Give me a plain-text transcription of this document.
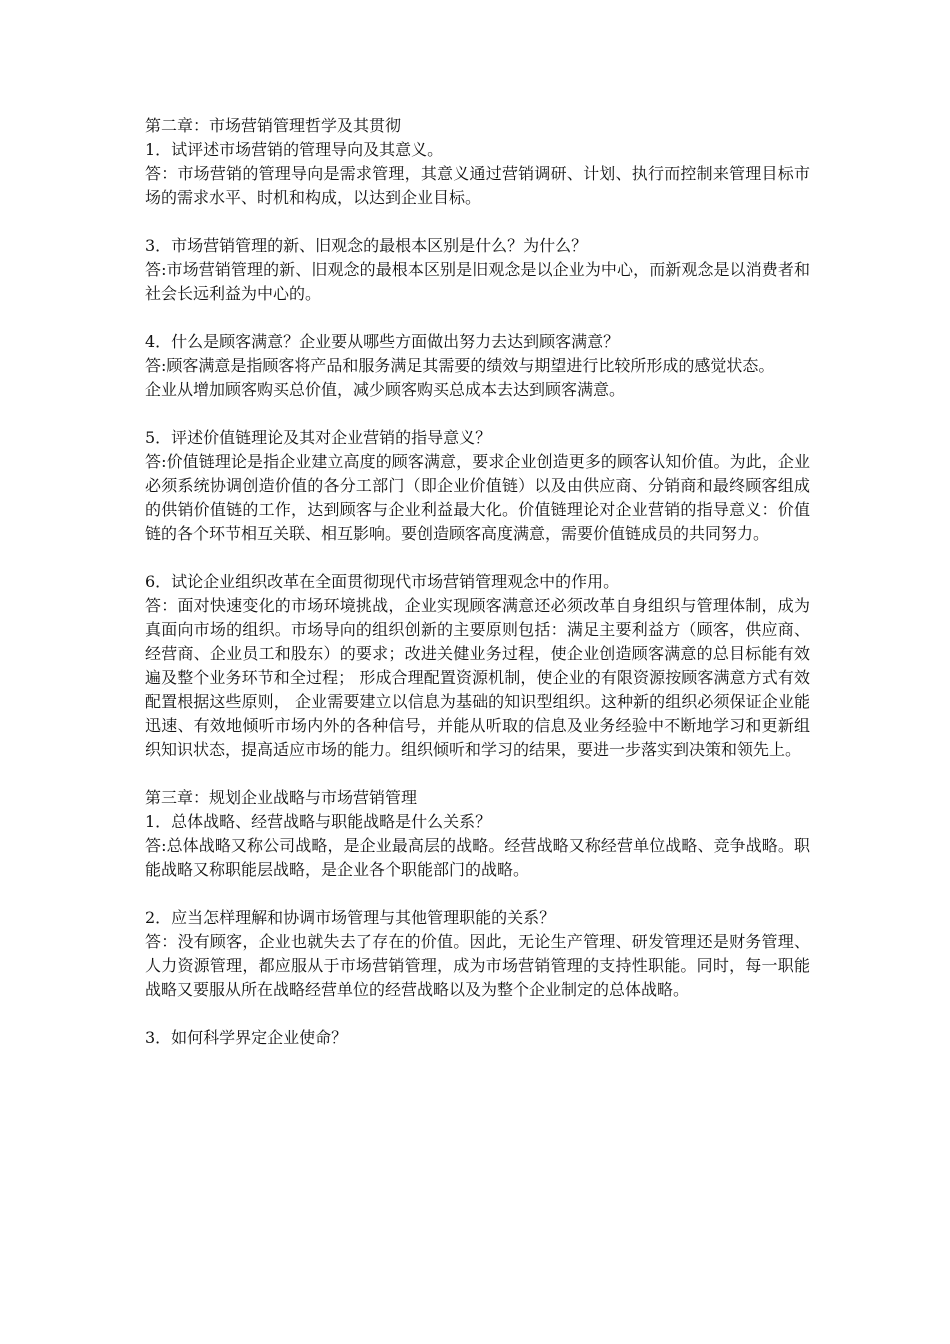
第二章：市场营销管理哲学及其贯彻
1．试评述市场营销的管理导向及其意义。
答：市场营销的管理导向是需求管理，其意义通过营销调研、计划、执行而控制来管理目标市场的需求水平、时机和构成，以达到企业目标。
3．市场营销管理的新、旧观念的最根本区别是什么？为什么？
答:市场营销管理的新、旧观念的最根本区别是旧观念是以企业为中心，而新观念是以消费者和社会长远利益为中心的。
4．什么是顾客满意？企业要从哪些方面做出努力去达到顾客满意？
答:顾客满意是指顾客将产品和服务满足其需要的绩效与期望进行比较所形成的感觉状态。
企业从增加顾客购买总价值，减少顾客购买总成本去达到顾客满意。
5．评述价值链理论及其对企业营销的指导意义？
答:价值链理论是指企业建立高度的顾客满意，要求企业创造更多的顾客认知价值。为此，企业必须系统协调创造价值的各分工部门（即企业价值链）以及由供应商、分销商和最终顾客组成的供销价值链的工作，达到顾客与企业利益最大化。价值链理论对企业营销的指导意义：价值链的各个环节相互关联、相互影响。要创造顾客高度满意，需要价值链成员的共同努力。
6．试论企业组织改革在全面贯彻现代市场营销管理观念中的作用。
答：面对快速变化的市场环境挑战，企业实现顾客满意还必须改革自身组织与管理体制，成为真面向市场的组织。市场导向的组织创新的主要原则包括：满足主要利益方（顾客，供应商、经营商、企业员工和股东）的要求；改进关健业务过程，使企业创造顾客满意的总目标能有效遍及整个业务环节和全过程； 形成合理配置资源机制，使企业的有限资源按顾客满意方式有效配置根据这些原则， 企业需要建立以信息为基础的知识型组织。这种新的组织必须保证企业能迅速、有效地倾听市场内外的各种信号，并能从听取的信息及业务经验中不断地学习和更新组织知识状态，提高适应市场的能力。组织倾听和学习的结果，要进一步落实到决策和领先上。
第三章：规划企业战略与市场营销管理
1．总体战略、经营战略与职能战略是什么关系？
答:总体战略又称公司战略，是企业最高层的战略。经营战略又称经营单位战略、竞争战略。职能战略又称职能层战略，是企业各个职能部门的战略。
2．应当怎样理解和协调市场管理与其他管理职能的关系？
答：没有顾客，企业也就失去了存在的价值。因此，无论生产管理、研发管理还是财务管理、人力资源管理，都应服从于市场营销管理，成为市场营销管理的支持性职能。同时，每一职能战略又要服从所在战略经营单位的经营战略以及为整个企业制定的总体战略。
3．如何科学界定企业使命？
